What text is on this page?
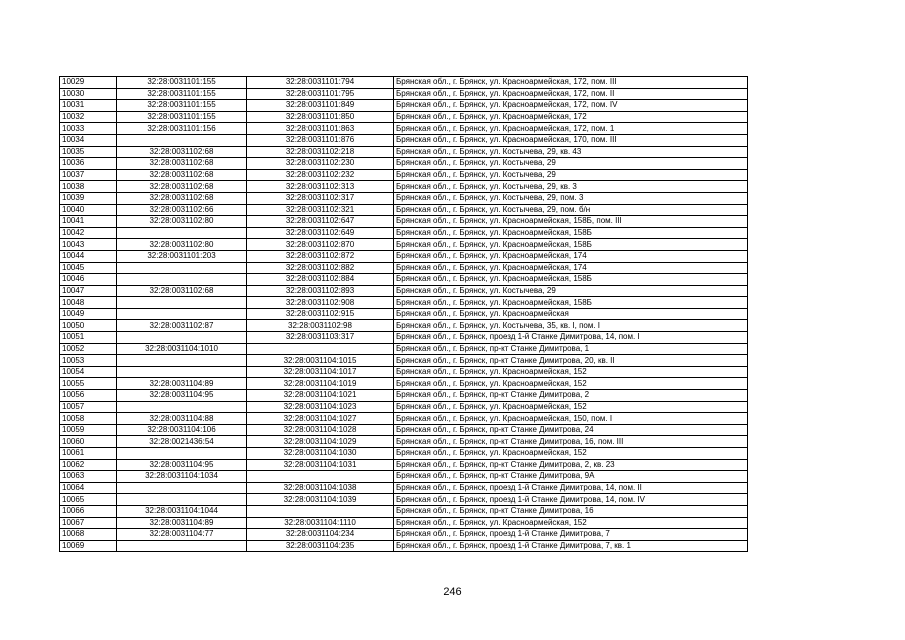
10029	32:28:0031101:155	32:28:0031101:794	Брянская обл., г. Брянск, ул. Красноармейская, 172, пом. III
10030	32:28:0031101:155	32:28:0031101:795	Брянская обл., г. Брянск, ул. Красноармейская, 172, пом. II
10031	32:28:0031101:155	32:28:0031101:849	Брянская обл., г. Брянск, ул. Красноармейская, 172, пом. IV
10032	32:28:0031101:155	32:28:0031101:850	Брянская обл., г. Брянск, ул. Красноармейская, 172
10033	32:28:0031101:156	32:28:0031101:863	Брянская обл., г. Брянск, ул. Красноармейская, 172, пом. 1
10034		32:28:0031101:876	Брянская обл., г. Брянск, ул. Красноармейская, 170, пом. III
10035	32:28:0031102:68	32:28:0031102:218	Брянская обл., г. Брянск, ул. Костычева, 29, кв. 43
10036	32:28:0031102:68	32:28:0031102:230	Брянская обл., г. Брянск, ул. Костычева, 29
10037	32:28:0031102:68	32:28:0031102:232	Брянская обл., г. Брянск, ул. Костычева, 29
10038	32:28:0031102:68	32:28:0031102:313	Брянская обл., г. Брянск, ул. Костычева, 29, кв. 3
10039	32:28:0031102:68	32:28:0031102:317	Брянская обл., г. Брянск, ул. Костычева, 29, пом. 3
10040	32:28:0031102:66	32:28:0031102:321	Брянская обл., г. Брянск, ул. Костычева, 29, пом. б/н
10041	32:28:0031102:80	32:28:0031102:647	Брянская обл., г. Брянск, ул. Красноармейская, 158Б, пом. III
10042		32:28:0031102:649	Брянская обл., г. Брянск, ул. Красноармейская, 158Б
10043	32:28:0031102:80	32:28:0031102:870	Брянская обл., г. Брянск, ул. Красноармейская, 158Б
10044	32:28:0031101:203	32:28:0031102:872	Брянская обл., г. Брянск, ул. Красноармейская, 174
10045		32:28:0031102:882	Брянская обл., г. Брянск, ул. Красноармейская, 174
10046		32:28:0031102:884	Брянская обл., г. Брянск, ул. Красноармейская, 158Б
10047	32:28:0031102:68	32:28:0031102:893	Брянская обл., г. Брянск, ул. Костычева, 29
10048		32:28:0031102:908	Брянская обл., г. Брянск, ул. Красноармейская, 158Б
10049		32:28:0031102:915	Брянская обл., г. Брянск, ул. Красноармейская
10050	32:28:0031102:87	32:28:0031102:98	Брянская обл., г. Брянск, ул. Костычева, 35, кв. I, пом. I
10051		32:28:0031103:317	Брянская обл., г. Брянск, проезд 1-й Станке Димитрова, 14, пом. I
10052	32:28:0031104:1010		Брянская обл., г. Брянск, пр-кт Станке Димитрова, 1
10053		32:28:0031104:1015	Брянская обл., г. Брянск, пр-кт Станке Димитрова, 20, кв. II
10054		32:28:0031104:1017	Брянская обл., г. Брянск, ул. Красноармейская, 152
10055	32:28:0031104:89	32:28:0031104:1019	Брянская обл., г. Брянск, ул. Красноармейская, 152
10056	32:28:0031104:95	32:28:0031104:1021	Брянская обл., г. Брянск, пр-кт Станке Димитрова, 2
10057		32:28:0031104:1023	Брянская обл., г. Брянск, ул. Красноармейская, 152
10058	32:28:0031104:88	32:28:0031104:1027	Брянская обл., г. Брянск, ул. Красноармейская, 150, пом. I
10059	32:28:0031104:106	32:28:0031104:1028	Брянская обл., г. Брянск, пр-кт Станке Димитрова, 24
10060	32:28:0021436:54	32:28:0031104:1029	Брянская обл., г. Брянск, пр-кт Станке Димитрова, 16, пом. III
10061		32:28:0031104:1030	Брянская обл., г. Брянск, ул. Красноармейская, 152
10062	32:28:0031104:95	32:28:0031104:1031	Брянская обл., г. Брянск, пр-кт Станке Димитрова, 2, кв. 23
10063	32:28:0031104:1034		Брянская обл., г. Брянск, пр-кт Станке Димитрова, 9А
10064		32:28:0031104:1038	Брянская обл., г. Брянск, проезд 1-й Станке Димитрова, 14, пом. II
10065		32:28:0031104:1039	Брянская обл., г. Брянск, проезд 1-й Станке Димитрова, 14, пом. IV
10066	32:28:0031104:1044		Брянская обл., г. Брянск, пр-кт Станке Димитрова, 16
10067	32:28:0031104:89	32:28:0031104:1110	Брянская обл., г. Брянск, ул. Красноармейская, 152
10068	32:28:0031104:77	32:28:0031104:234	Брянская обл., г. Брянск, проезд 1-й Станке Димитрова, 7
10069		32:28:0031104:235	Брянская обл., г. Брянск, проезд 1-й Станке Димитрова, 7, кв. 1
246
